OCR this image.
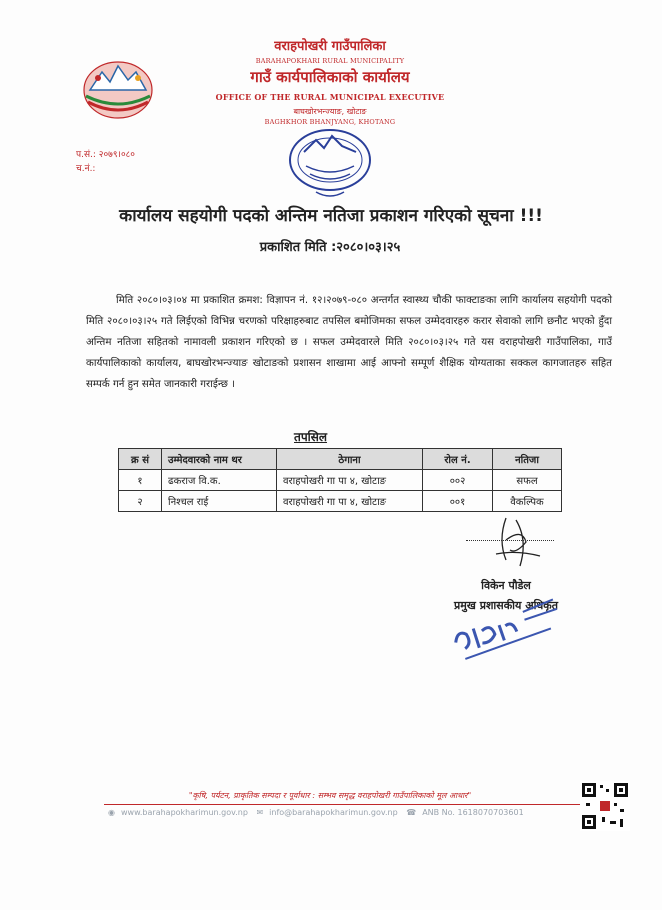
वराहपोखरी गाउँपालिका
BARAHAPOKHARI RURAL MUNICIPALITY
गाउँ कार्यपालिकाको कार्यालय
OFFICE OF THE RURAL MUNICIPAL EXECUTIVE
बाघखोरभन्ज्याङ, खोटाङ
BAGHKHOR BHANJYANG, KHOTANG
प.सं.: २०७९।०८०
च.नं.:
कार्यालय सहयोगी पदको अन्तिम नतिजा प्रकाशन गरिएको सूचना !!!
प्रकाशित मिति :२०८०।०३।२५
मिति २०८०।०३।०४ मा प्रकाशित क्रमश: विज्ञापन नं. १२।२०७९-०८० अन्तर्गत स्वास्थ्य चौकी फाक्टाङका लागि कार्यालय सहयोगी पदको मिति २०८०।०३।२५ गते लिईएको विभिन्न चरणको परिक्षाहरुबाट तपसिल बमोजिमका सफल उम्मेदवारहरु करार सेवाको लागि छनौट भएको हुँदा अन्तिम नतिजा सहितको नामावली प्रकाशन गरिएको छ । सफल उम्मेदवारले मिति २०८०।०३।२५ गते यस वराहपोखरी गाउँपालिका, गाउँ कार्यपालिकाको कार्यालय, बाघखोरभन्ज्याङ खोटाङको प्रशासन शाखामा आई आफ्नो सम्पूर्ण शैक्षिक योग्यताका सक्कल कागजातहरु सहित सम्पर्क गर्न हुन समेत जानकारी गराईन्छ ।
तपसिल
क्र सं	उम्मेदवारको नाम थर	ठेगाना	रोल नं.	नतिजा
१	ढकराज वि.क.	वराहपोखरी गा पा ४, खोटाङ	००२	सफल
२	निश्चल राई	वराहपोखरी गा पा ४, खोटाङ	००१	वैकल्पिक
विकेन पौडेल
प्रमुख प्रशासकीय अधिकृत
"कृषि, पर्यटन, प्राकृतिक सम्पदा र पूर्वाधार : सम्भव समृद्ध वराहपोखरी गाउँपालिकाको मूल आधार"
◉ www.barahapokharimun.gov.np ✉ info@barahapokharimun.gov.np ☎ ANB No. 1618070703601
